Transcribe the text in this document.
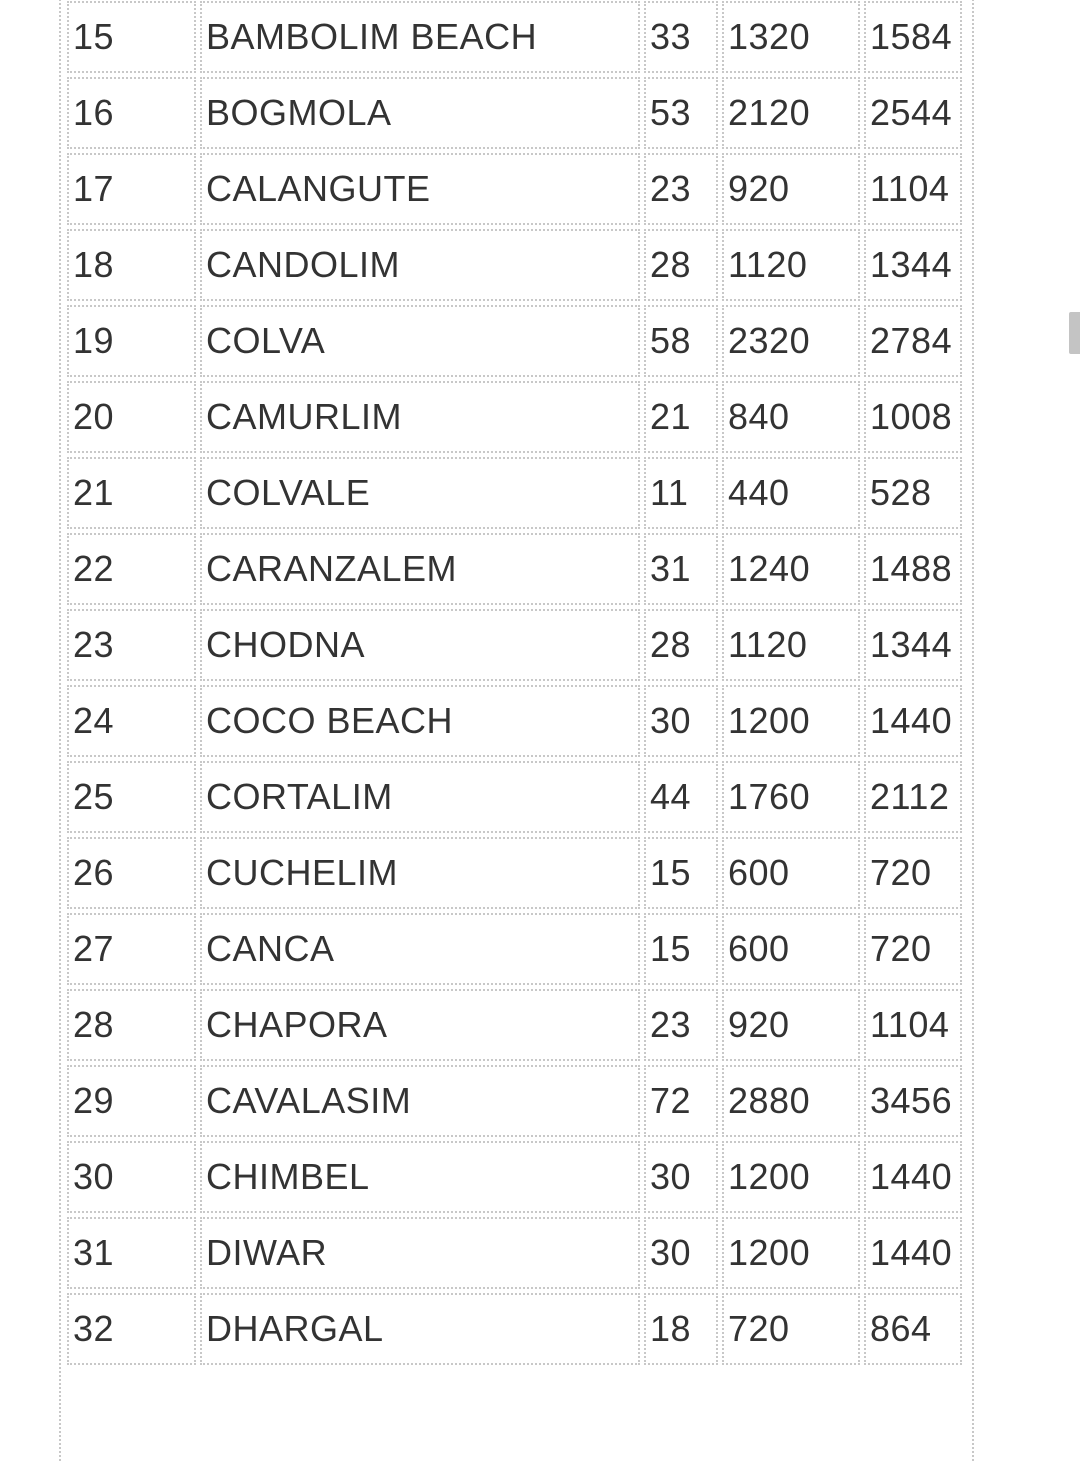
15	BAMBOLIM BEACH	33	1320	1584
16	BOGMOLA	53	2120	2544
17	CALANGUTE	23	920	1104
18	CANDOLIM	28	1120	1344
19	COLVA	58	2320	2784
20	CAMURLIM	21	840	1008
21	COLVALE	11	440	528
22	CARANZALEM	31	1240	1488
23	CHODNA	28	1120	1344
24	COCO BEACH	30	1200	1440
25	CORTALIM	44	1760	2112
26	CUCHELIM	15	600	720
27	CANCA	15	600	720
28	CHAPORA	23	920	1104
29	CAVALASIM	72	2880	3456
30	CHIMBEL	30	1200	1440
31	DIWAR	30	1200	1440
32	DHARGAL	18	720	864
